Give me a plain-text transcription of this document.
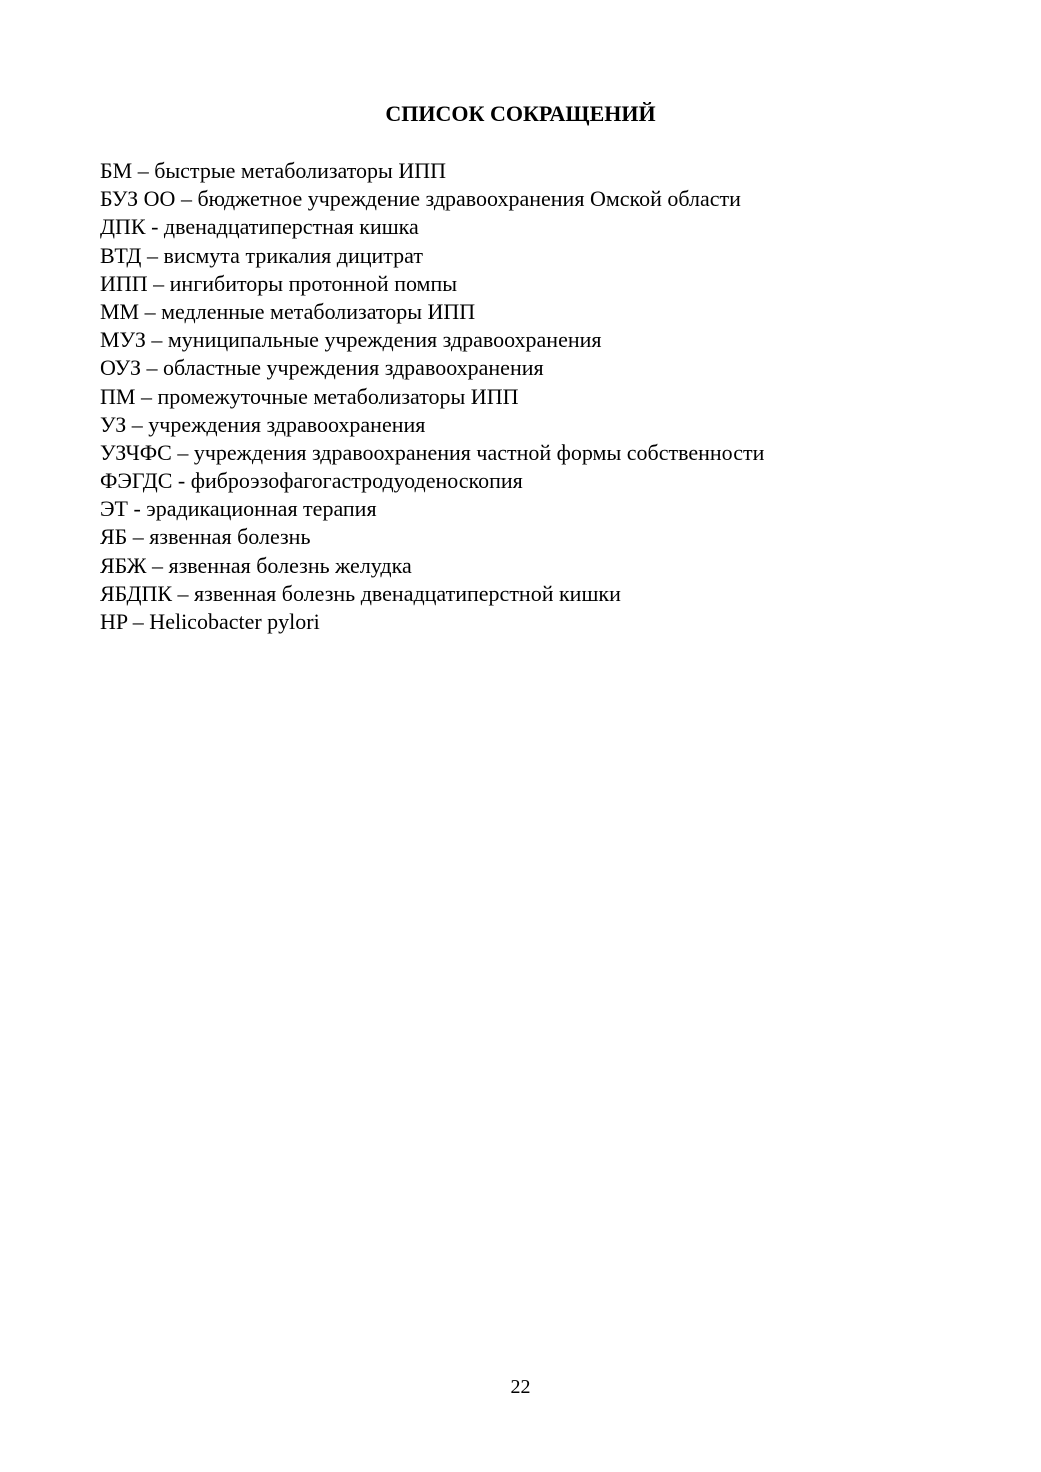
СПИСОК СОКРАЩЕНИЙ
БМ – быстрые метаболизаторы ИПП
БУЗ ОО – бюджетное учреждение здравоохранения Омской области
ДПК - двенадцатиперстная кишка
ВТД – висмута трикалия дицитрат
ИПП – ингибиторы протонной помпы
ММ – медленные метаболизаторы ИПП
МУЗ – муниципальные учреждения здравоохранения
ОУЗ – областные учреждения здравоохранения
ПМ – промежуточные метаболизаторы ИПП
УЗ – учреждения здравоохранения
УЗЧФС – учреждения здравоохранения частной формы собственности
ФЭГДС - фиброэзофагогастродуоденоскопия
ЭТ - эрадикационная терапия
ЯБ – язвенная болезнь
ЯБЖ – язвенная болезнь желудка
ЯБДПК – язвенная болезнь двенадцатиперстной кишки
HP – Helicobacter pylori
22
